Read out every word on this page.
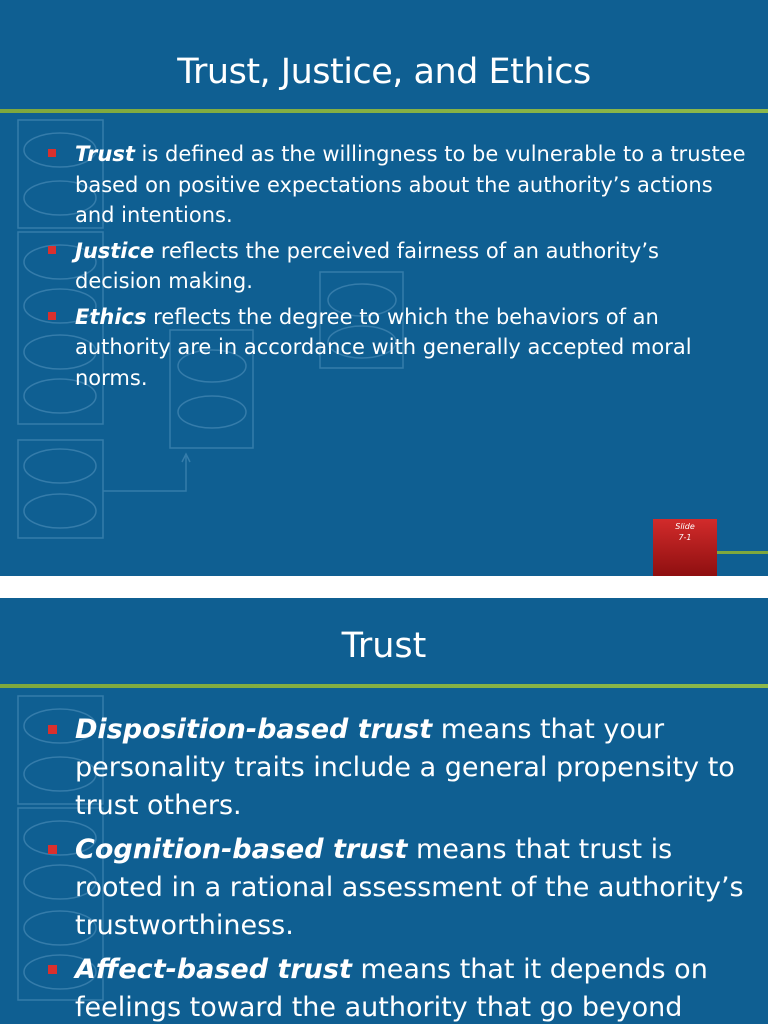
Trust, Justice, and Ethics
Trust is defined as the willingness to be vulnerable to a trustee based on positive expectations about the authority’s actions and intentions.
Justice reflects the perceived fairness of an authority’s decision making.
Ethics reflects the degree to which the behaviors of an authority are in accordance with generally accepted moral norms.
Slide
7-1
Trust
Disposition-based trust means that your personality traits include a general propensity to trust others.
Cognition-based trust means that trust is rooted in a rational assessment of the authority’s trustworthiness.
Affect-based trust means that it depends on feelings toward the authority that go beyond
